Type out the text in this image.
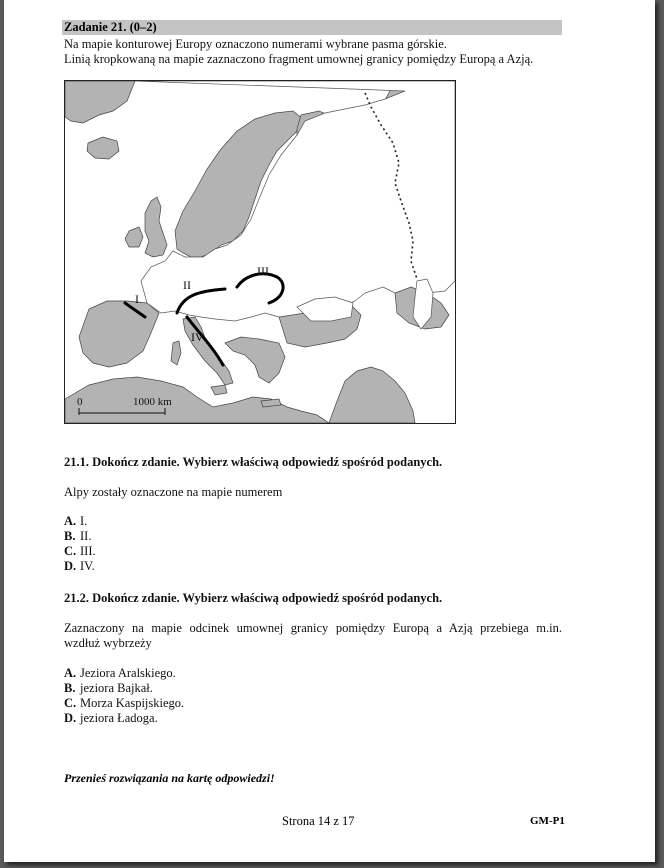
Zadanie 21. (0–2)
Na mapie konturowej Europy oznaczono numerami wybrane pasma górskie.
Linią kropkowaną na mapie zaznaczono fragment umownej granicy pomiędzy Europą a Azją.
I
II
III
IV
0	1000 km
21.1. Dokończ zdanie. Wybierz właściwą odpowiedź spośród podanych.
Alpy zostały oznaczone na mapie numerem
A. I.
B. II.
C. III.
D. IV.
21.2. Dokończ zdanie. Wybierz właściwą odpowiedź spośród podanych.
Zaznaczony na mapie odcinek umownej granicy pomiędzy Europą a Azją przebiega m.in.
wzdłuż wybrzeży
A. Jeziora Aralskiego.
B. jeziora Bajkał.
C. Morza Kaspijskiego.
D. jeziora Ładoga.
Przenieś rozwiązania na kartę odpowiedzi!
Strona 14 z 17	GM-P1
